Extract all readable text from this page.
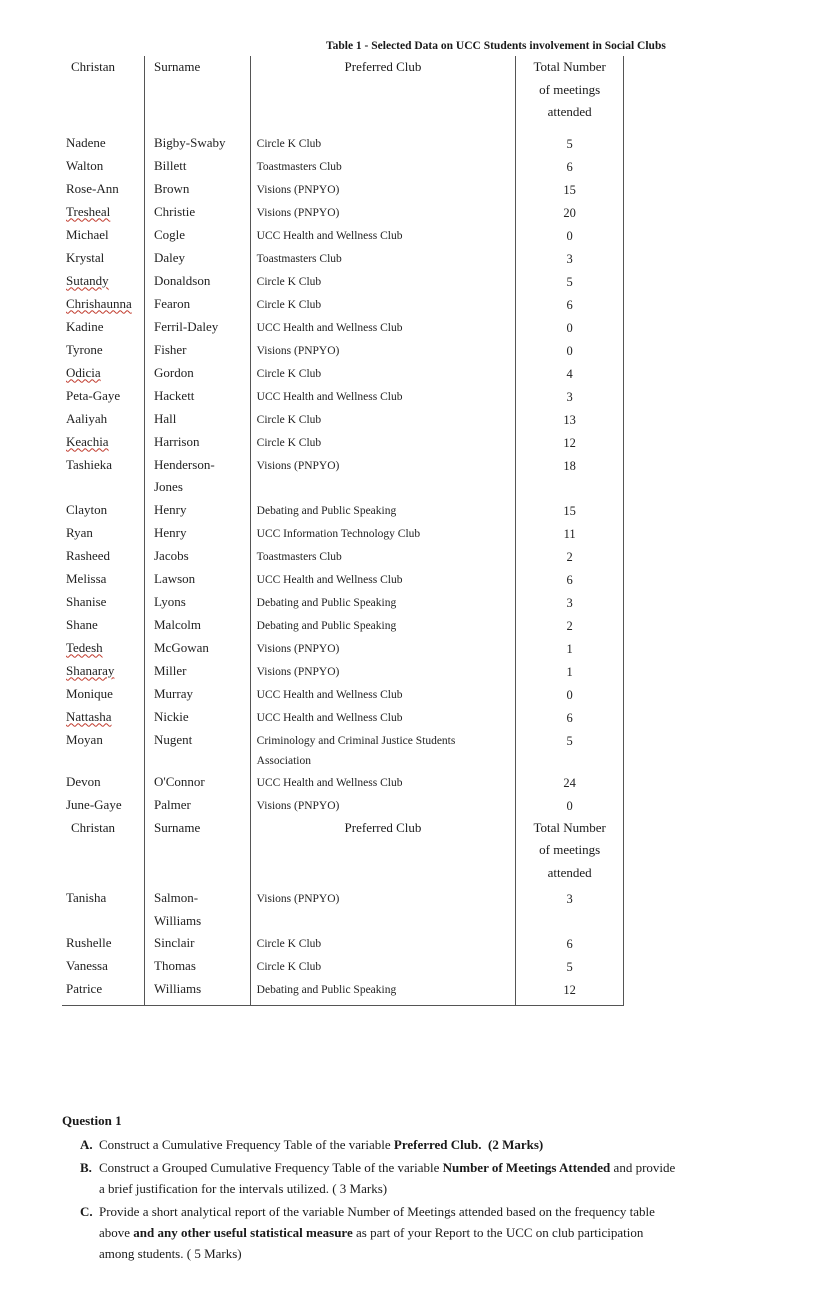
Table 1 - Selected Data on UCC Students involvement in Social Clubs
Christan	Surname	Preferred Club	Total Number
of meetings
attended

Nadene	Bigby-Swaby	Circle K Club	5
Walton	Billett	Toastmasters Club	6
Rose-Ann	Brown	Visions (PNPYO)	15
Tresheal	Christie	Visions (PNPYO)	20
Michael	Cogle	UCC Health and Wellness Club	0
Krystal	Daley	Toastmasters Club	3
Sutandy	Donaldson	Circle K Club	5
Chrishaunna	Fearon	Circle K Club	6
Kadine	Ferril-Daley	UCC Health and Wellness Club	0
Tyrone	Fisher	Visions (PNPYO)	0
Odicia	Gordon	Circle K Club	4
Peta-Gaye	Hackett	UCC Health and Wellness Club	3
Aaliyah	Hall	Circle K Club	13
Keachia	Harrison	Circle K Club	12
Tashieka	Henderson-
Jones	Visions (PNPYO)	18
Clayton	Henry	Debating and Public Speaking	15
Ryan	Henry	UCC Information Technology Club	11
Rasheed	Jacobs	Toastmasters Club	2
Melissa	Lawson	UCC Health and Wellness Club	6
Shanise	Lyons	Debating and Public Speaking	3
Shane	Malcolm	Debating and Public Speaking	2
Tedesh	McGowan	Visions (PNPYO)	1
Shanaray	Miller	Visions (PNPYO)	1
Monique	Murray	UCC Health and Wellness Club	0
Nattasha	Nickie	UCC Health and Wellness Club	6
Moyan	Nugent	Criminology and Criminal Justice Students
Association	5
Devon	O'Connor	UCC Health and Wellness Club	24
June-Gaye	Palmer	Visions (PNPYO)	0
Christan	Surname	Preferred Club	Total Number
of meetings
attended

Tanisha	Salmon-
Williams	Visions (PNPYO)	3
Rushelle	Sinclair	Circle K Club	6
Vanessa	Thomas	Circle K Club	5
Patrice	Williams	Debating and Public Speaking	12

Question 1
A. Construct a Cumulative Frequency Table of the variable Preferred Club. (2 Marks)
B. Construct a Grouped Cumulative Frequency Table of the variable Number of Meetings Attended and provide
a brief justification for the intervals utilized. ( 3 Marks)
C. Provide a short analytical report of the variable Number of Meetings attended based on the frequency table
above and any other useful statistical measure as part of your Report to the UCC on club participation
among students. ( 5 Marks)
